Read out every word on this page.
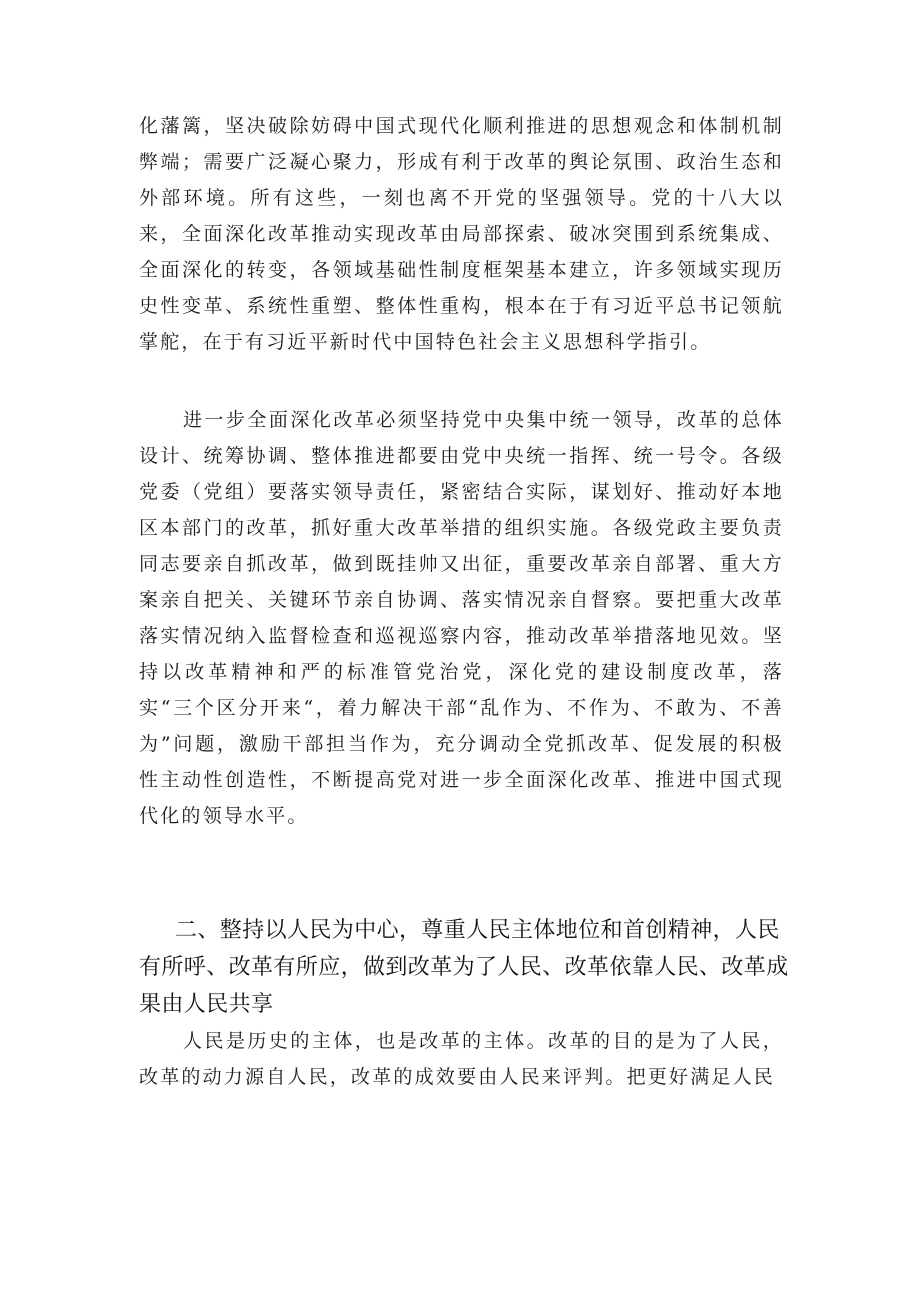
化藩篱，坚决破除妨碍中国式现代化顺利推进的思想观念和体制机制弊端；需要广泛凝心聚力，形成有利于改革的舆论氛围、政治生态和外部环境。所有这些，一刻也离不开党的坚强领导。党的十八大以来，全面深化改革推动实现改革由局部探索、破冰突围到系统集成、全面深化的转变，各领域基础性制度框架基本建立，许多领域实现历史性变革、系统性重塑、整体性重构，根本在于有习近平总书记领航掌舵，在于有习近平新时代中国特色社会主义思想科学指引。

进一步全面深化改革必须坚持党中央集中统一领导，改革的总体设计、统筹协调、整体推进都要由党中央统一指挥、统一号令。各级党委（党组）要落实领导责任，紧密结合实际，谋划好、推动好本地区本部门的改革，抓好重大改革举措的组织实施。各级党政主要负责同志要亲自抓改革，做到既挂帅又出征，重要改革亲自部署、重大方案亲自把关、关键环节亲自协调、落实情况亲自督察。要把重大改革落实情况纳入监督检查和巡视巡察内容，推动改革举措落地见效。坚持以改革精神和严的标准管党治党，深化党的建设制度改革，落实“三个区分开来“，着力解决干部“乱作为、不作为、不敢为、不善为”问题，激励干部担当作为，充分调动全党抓改革、促发展的积极性主动性创造性，不断提高党对进一步全面深化改革、推进中国式现代化的领导水平。

二、整持以人民为中心，尊重人民主体地位和首创精神，人民有所呼、改革有所应，做到改革为了人民、改革依靠人民、改革成果由人民共享

人民是历史的主体，也是改革的主体。改革的目的是为了人民，改革的动力源自人民，改革的成效要由人民来评判。把更好满足人民
